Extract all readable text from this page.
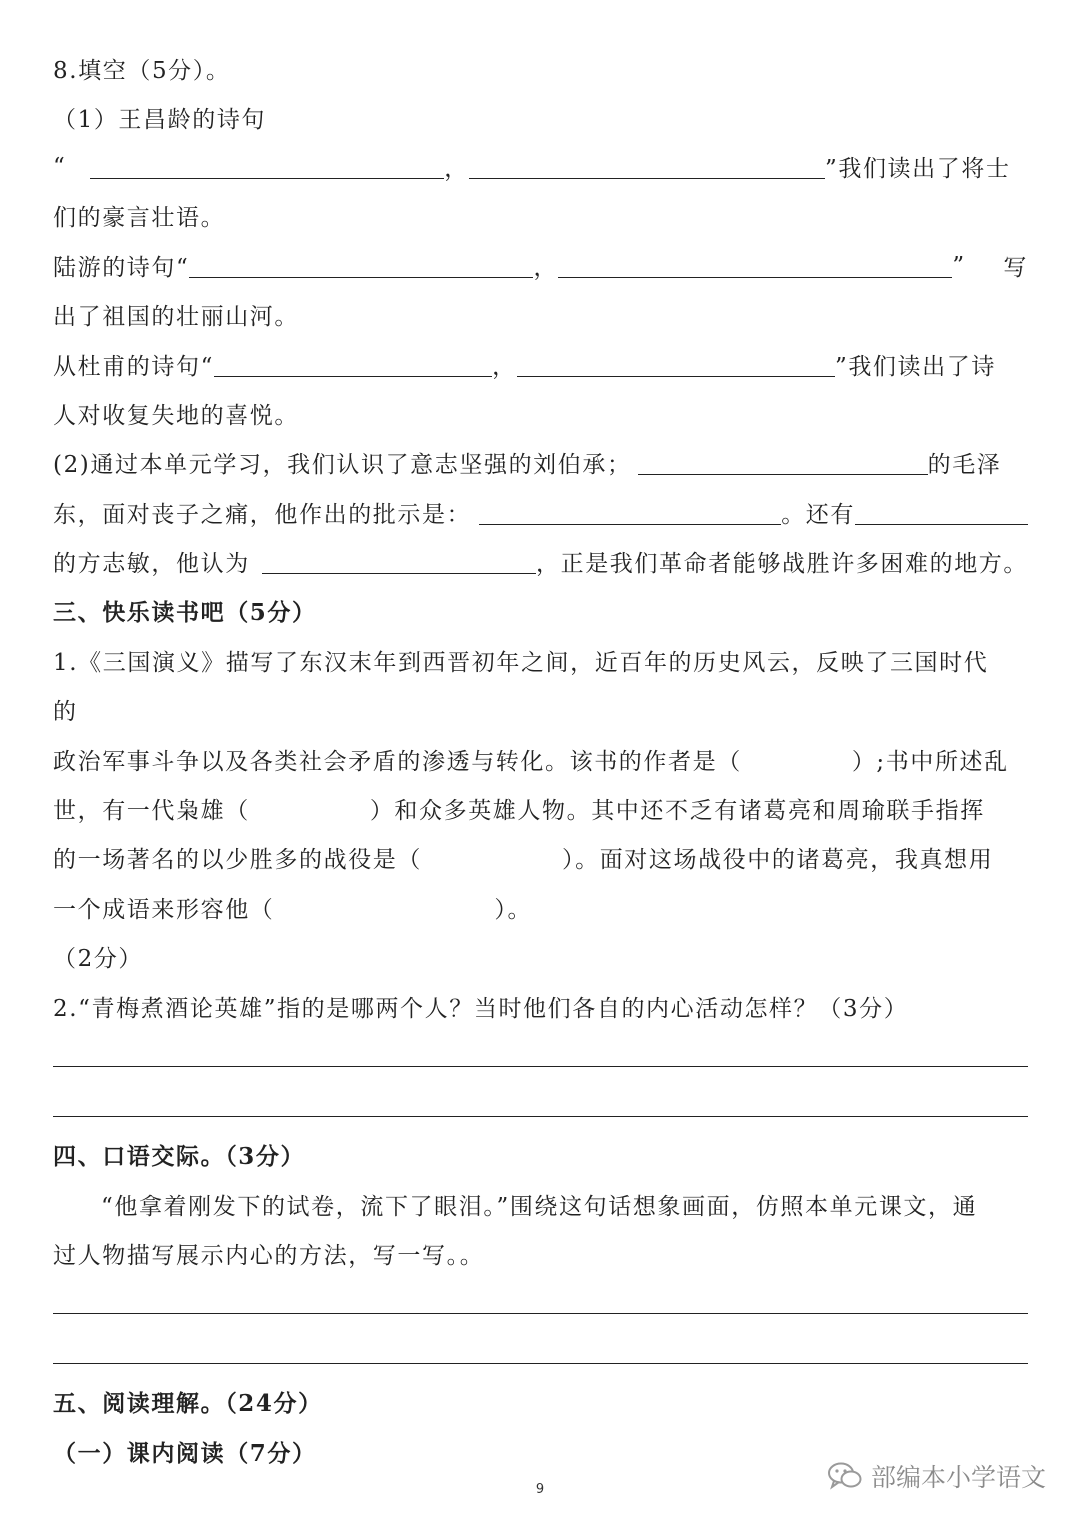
8.填空（5分）。
（1）王昌龄的诗句
“	，	”我们读出了将士
们的豪言壮语。
陆游的诗句“	，	”	写
出了祖国的壮丽山河。
从杜甫的诗句“	，	”我们读出了诗
人对收复失地的喜悦。
(2)通过本单元学习，我们认识了意志坚强的刘伯承；	的毛泽
东，面对丧子之痛，他作出的批示是：	。还有
的方志敏，他认为	，正是我们革命者能够战胜许多困难的地方。
三、快乐读书吧（5分）
1.《三国演义》描写了东汉末年到西晋初年之间，近百年的历史风云，反映了三国时代
的
政治军事斗争以及各类社会矛盾的渗透与转化。该书的作者是（	）;书中所述乱
世，有一代枭雄（	）和众多英雄人物。其中还不乏有诸葛亮和周瑜联手指挥
的一场著名的以少胜多的战役是（	）。面对这场战役中的诸葛亮，我真想用
一个成语来形容他（	）。
（2分）
2.“青梅煮酒论英雄”指的是哪两个人？当时他们各自的内心活动怎样？（3分）
四、口语交际。（3分）
“他拿着刚发下的试卷，流下了眼泪。”围绕这句话想象画面，仿照本单元课文，通
过人物描写展示内心的方法，写一写。。
五、阅读理解。（24分）
（一）课内阅读（7分）
9	部编本小学语文
